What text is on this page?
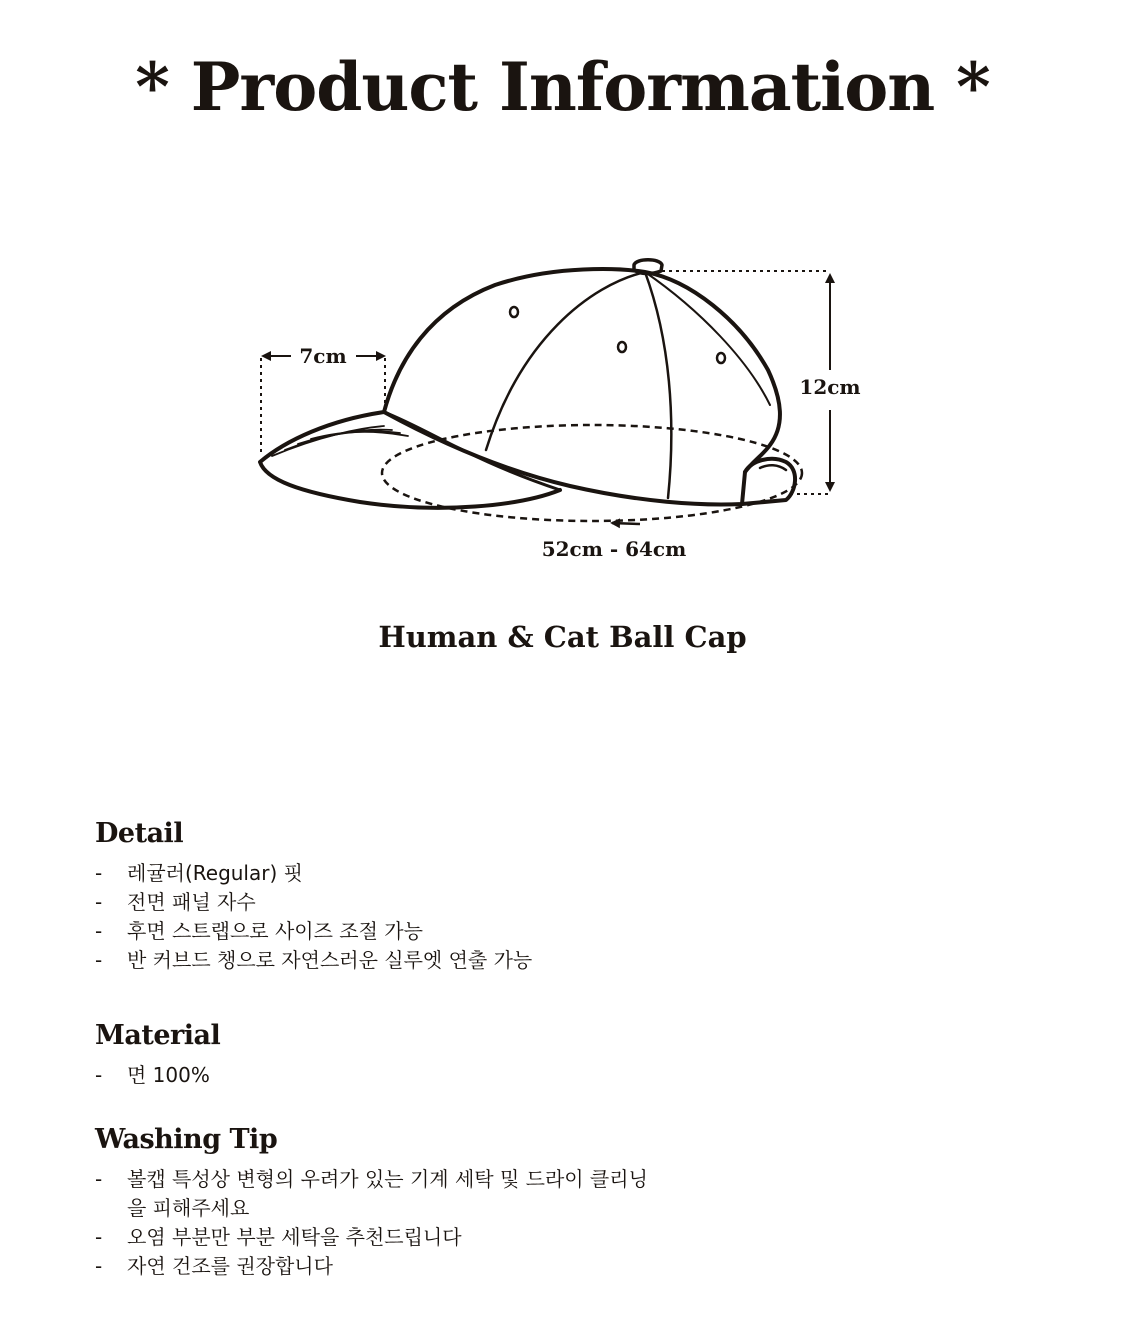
* Product Information *
7cm
12cm
52cm - 64cm
Human & Cat Ball Cap
Detail
- 레귤러(Regular) 핏
- 전면 패널 자수
- 후면 스트랩으로 사이즈 조절 가능
- 반 커브드 챙으로 자연스러운 실루엣 연출 가능
Material
- 면 100%
Washing Tip
- 볼캡 특성상 변형의 우려가 있는 기계 세탁 및 드라이 클리닝을 피해주세요
- 오염 부분만 부분 세탁을 추천드립니다
- 자연 건조를 권장합니다
